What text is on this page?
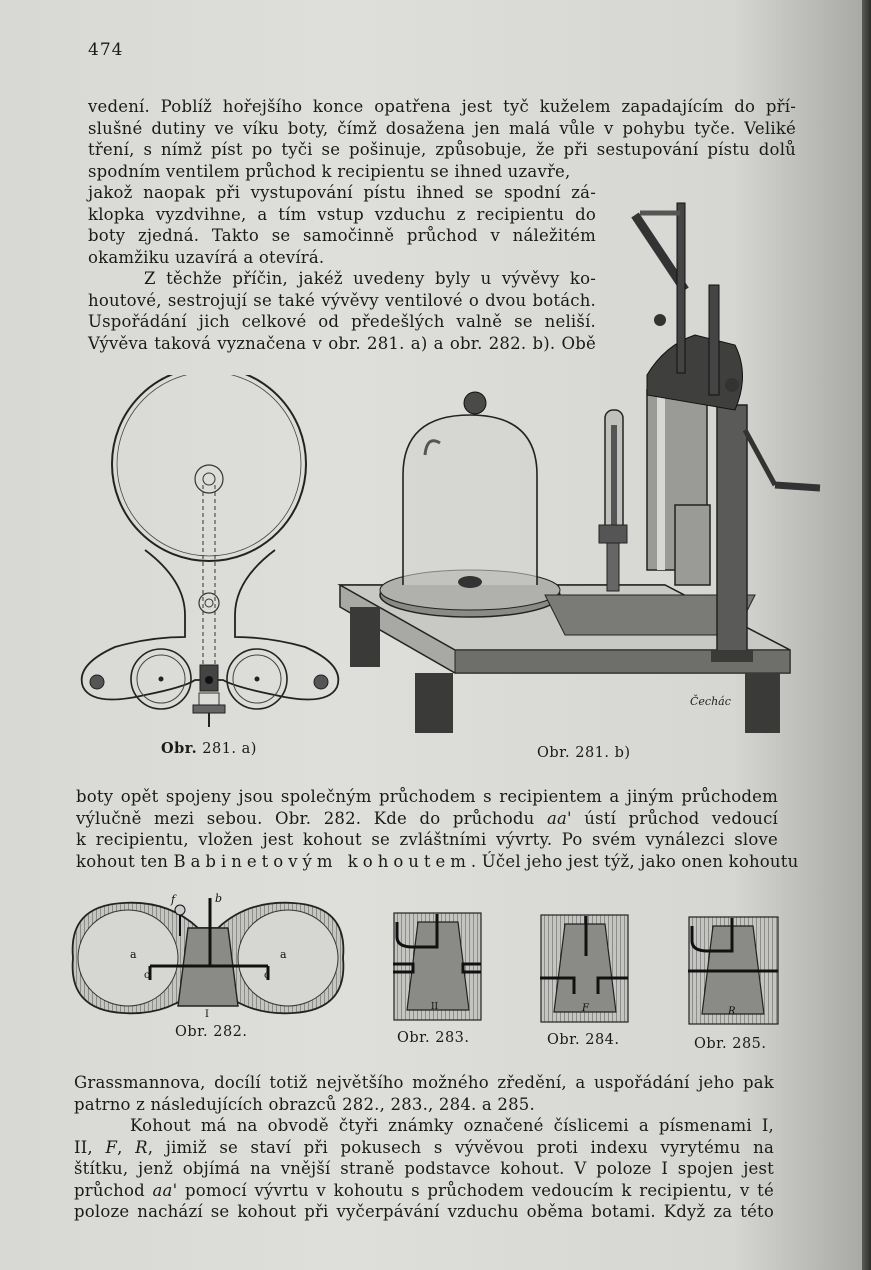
474
vedení. Poblíž hořejšího konce opatřena jest tyč kuželem zapadajícím do pří-
slušné dutiny ve víku boty, čímž dosažena jen malá vůle v pohybu tyče. Veliké
tření, s nímž píst po tyči se pošinuje, způsobuje, že při sestupování pístu dolů
spodním ventilem průchod k recipientu se ihned uzavře,
jakož naopak při vystupování pístu ihned se spodní zá-
klopka vyzdvihne, a tím vstup vzduchu z recipientu do
boty zjedná. Takto se samočinně průchod v náležitém
okamžiku uzavírá a otevírá.
Z těchže příčin, jakéž uvedeny byly u vývěvy ko-
houtové, sestrojují se také vývěvy ventilové o dvou botách.
Uspořádání jich celkové od předešlých valně se neliší.
Vývěva taková vyznačena v obr. 281. a) a obr. 282. b). Obě
Čechác
Obr. 281. a)	Obr. 281. b)
boty opět spojeny jsou společným průchodem s recipientem a jiným průchodem
výlučně mezi sebou. Obr. 282. Kde do průchodu aa' ústí průchod vedoucí
k recipientu, vložen jest kohout se zvláštními vývrty. Po svém vynálezci slove
kohout ten Babinetovým kohoutem. Účel jeho jest týž, jako onen kohoutu
f	b
a	a
c	c
I
Obr. 282.
II
Obr. 283.
F
Obr. 284.
R
Obr. 285.
Grassmannova, docílí totiž největšího možného zředění, a uspořádání jeho pak
patrno z následujících obrazců 282., 283., 284. a 285.
Kohout má na obvodě čtyři známky označené číslicemi a písmenami I,
II, F, R, jimiž se staví při pokusech s vývěvou proti indexu vyrytému na
štítku, jenž objímá na vnější straně podstavce kohout. V poloze I spojen jest
průchod aa' pomocí vývrtu v kohoutu s průchodem vedoucím k recipientu, v té
poloze nachází se kohout při vyčerpávání vzduchu oběma botami. Když za této
